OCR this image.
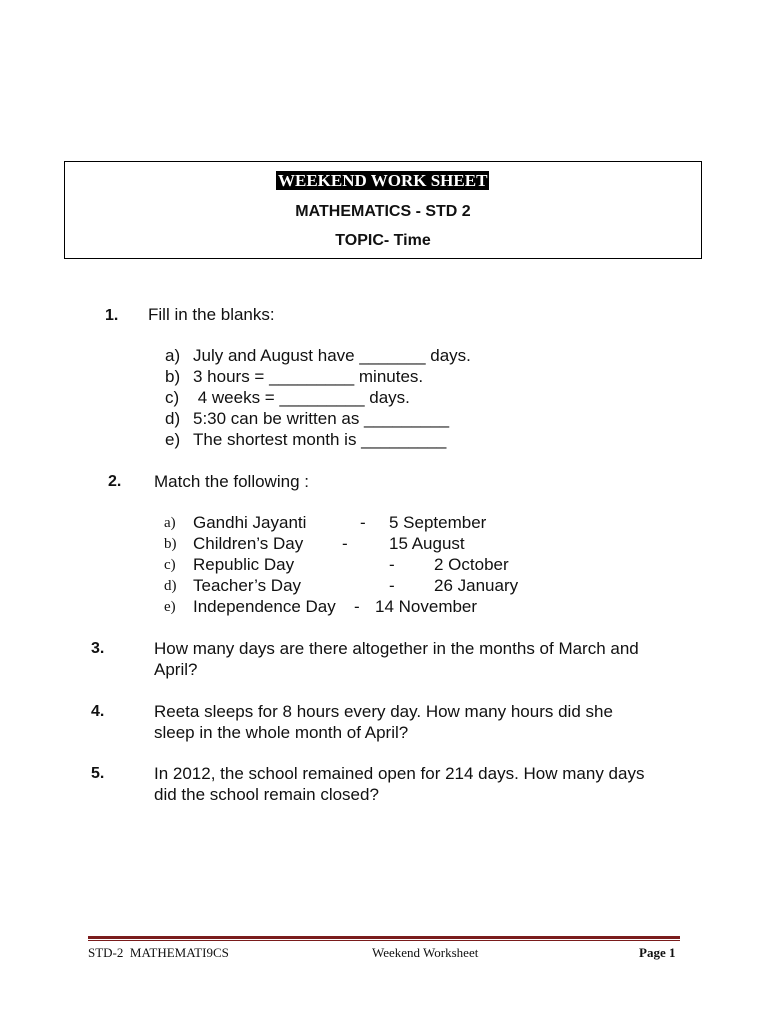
WEEKEND WORK SHEET
MATHEMATICS - STD 2
TOPIC- Time
1. Fill in the blanks:
a) July and August have _______ days.
b) 3 hours = _________ minutes.
c) 4 weeks = _________ days.
d) 5:30 can be written as _________
e) The shortest month is _________
2. Match the following :
a) Gandhi Jayanti	- 5 September
b) Children’s Day - 15 August
c) Republic Day	- 2 October
d) Teacher’s Day	- 26 January
e) Independence Day - 14 November
3.	How many days are there altogether in the months of March and
April?
4.	Reeta sleeps for 8 hours every day. How many hours did she
sleep in the whole month of April?
5.	In 2012, the school remained open for 214 days. How many days
did the school remain closed?
STD-2  MATHEMATI9CS	Weekend Worksheet	Page 1
